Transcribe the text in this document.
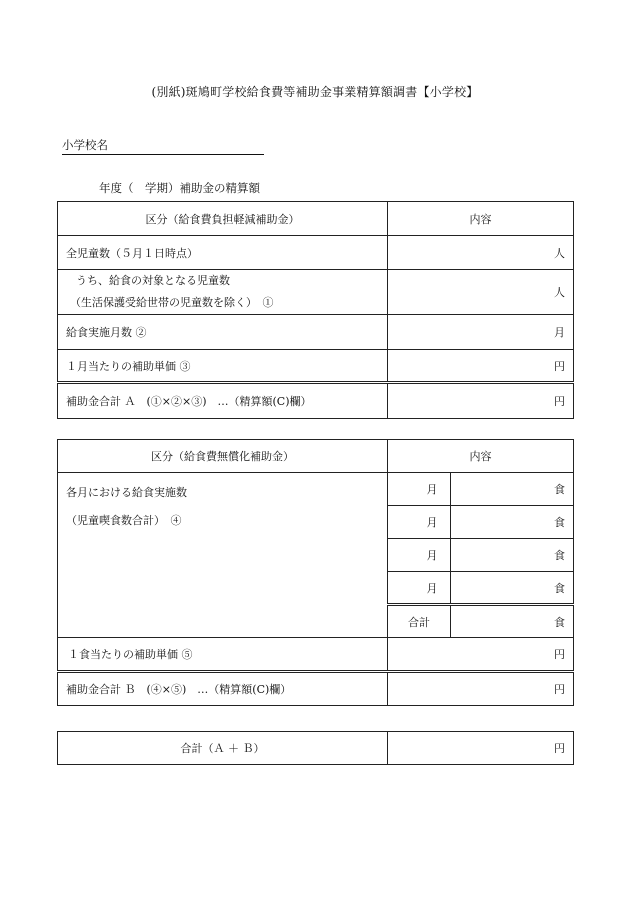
(別紙)斑鳩町学校給食費等補助金事業精算額調書【小学校】
小学校名
年度（　学期）補助金の精算額
区分（給食費負担軽減補助金）	内容
全児童数（５月１日時点）	人

うち、給食の対象となる児童数
（生活保護受給世帯の児童数を除く）　①	人
給食実施月数 ②	月
１月当たりの補助単価 ③	円
補助金合計 Ａ　(①×②×③)　…（精算額(C)欄）	円
区分（給食費無償化補助金）	内容	

各月における給食実施数
（児童喫食数合計）　④	月	食
	月	食
	月	食
	月	食
	合計	食
１食当たりの補助単価 ⑤	円	
補助金合計 Ｂ　(④×⑤)　…（精算額(C)欄）	円	
合計（Ａ ＋ Ｂ）	円
